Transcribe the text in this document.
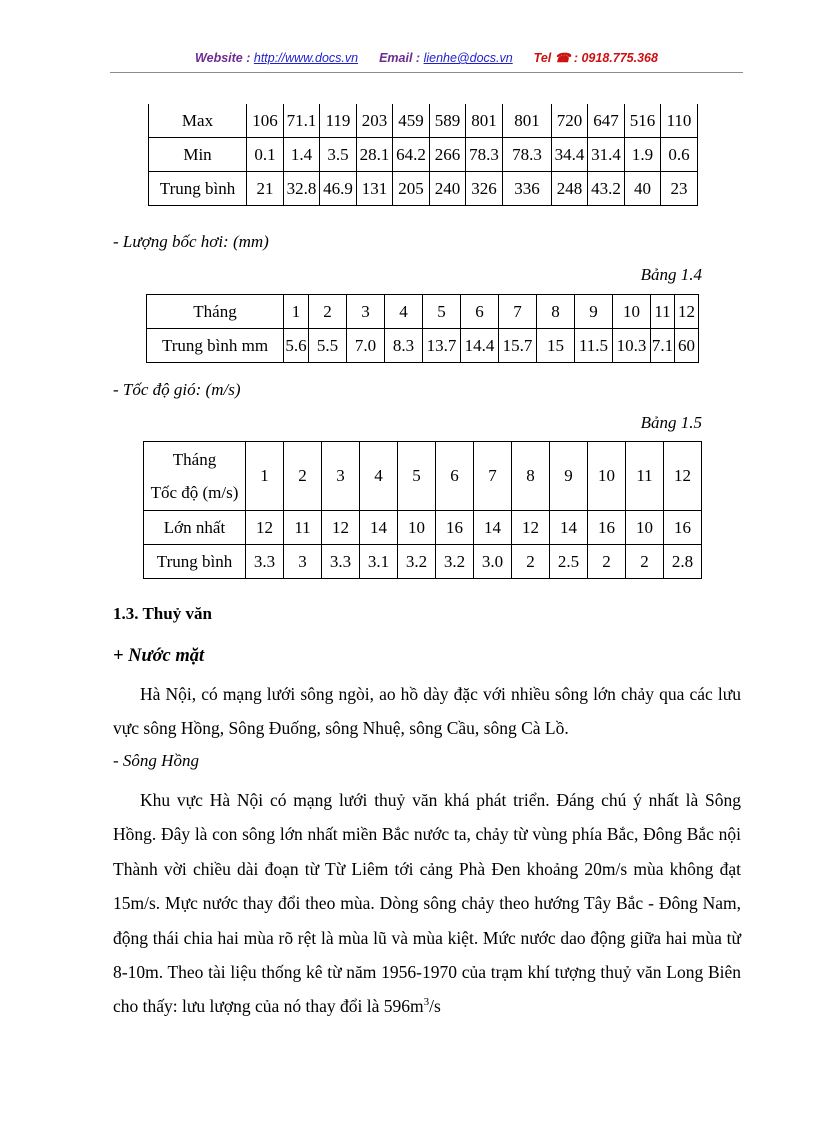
Website : http://www.docs.vn Email : lienhe@docs.vn Tel ☎ : 0918.775.368
Max	106	71.1	119	203	459	589	801	801	720	647	516	110
Min	0.1	1.4	3.5	28.1	64.2	266	78.3	78.3	34.4	31.4	1.9	0.6
Trung bình	21	32.8	46.9	131	205	240	326	336	248	43.2	40	23
- Lượng bốc hơi: (mm)
Bảng 1.4
Tháng	1	2	3	4	5	6	7	8	9	10	11	12
Trung bình mm	5.6	5.5	7.0	8.3	13.7	14.4	15.7	15	11.5	10.3	7.1	60
- Tốc độ gió: (m/s)
Bảng 1.5
Tháng
Tốc độ (m/s)	1	2	3	4	5	6	7	8	9	10	11	12
Lớn nhất	12	11	12	14	10	16	14	12	14	16	10	16
Trung bình	3.3	3	3.3	3.1	3.2	3.2	3.0	2	2.5	2	2	2.8
1.3. Thuỷ văn
+ Nước mặt

Hà Nội, có mạng lưới sông ngòi, ao hồ dày đặc với nhiều sông lớn chảy qua các lưu vực sông Hồng, Sông Đuống, sông Nhuệ, sông Cầu, sông Cà Lồ.

- Sông Hồng

Khu vực Hà Nội có mạng lưới thuỷ văn khá phát triển. Đáng chú ý nhất là Sông Hồng. Đây là con sông lớn nhất miền Bắc nước ta, chảy từ vùng phía Bắc, Đông Bắc nội Thành vời chiều dài đoạn từ Từ Liêm tới cảng Phà Đen khoảng 20m/s mùa không đạt 15m/s. Mực nước thay đổi theo mùa. Dòng sông chảy theo hướng Tây Bắc - Đông Nam, động thái chia hai mùa rõ rệt là mùa lũ và mùa kiệt. Mức nước dao động giữa hai mùa từ 8-10m. Theo tài liệu thống kê từ năm 1956-1970 của trạm khí tượng thuỷ văn Long Biên cho thấy: lưu lượng của nó thay đổi là $596m^3/s$
